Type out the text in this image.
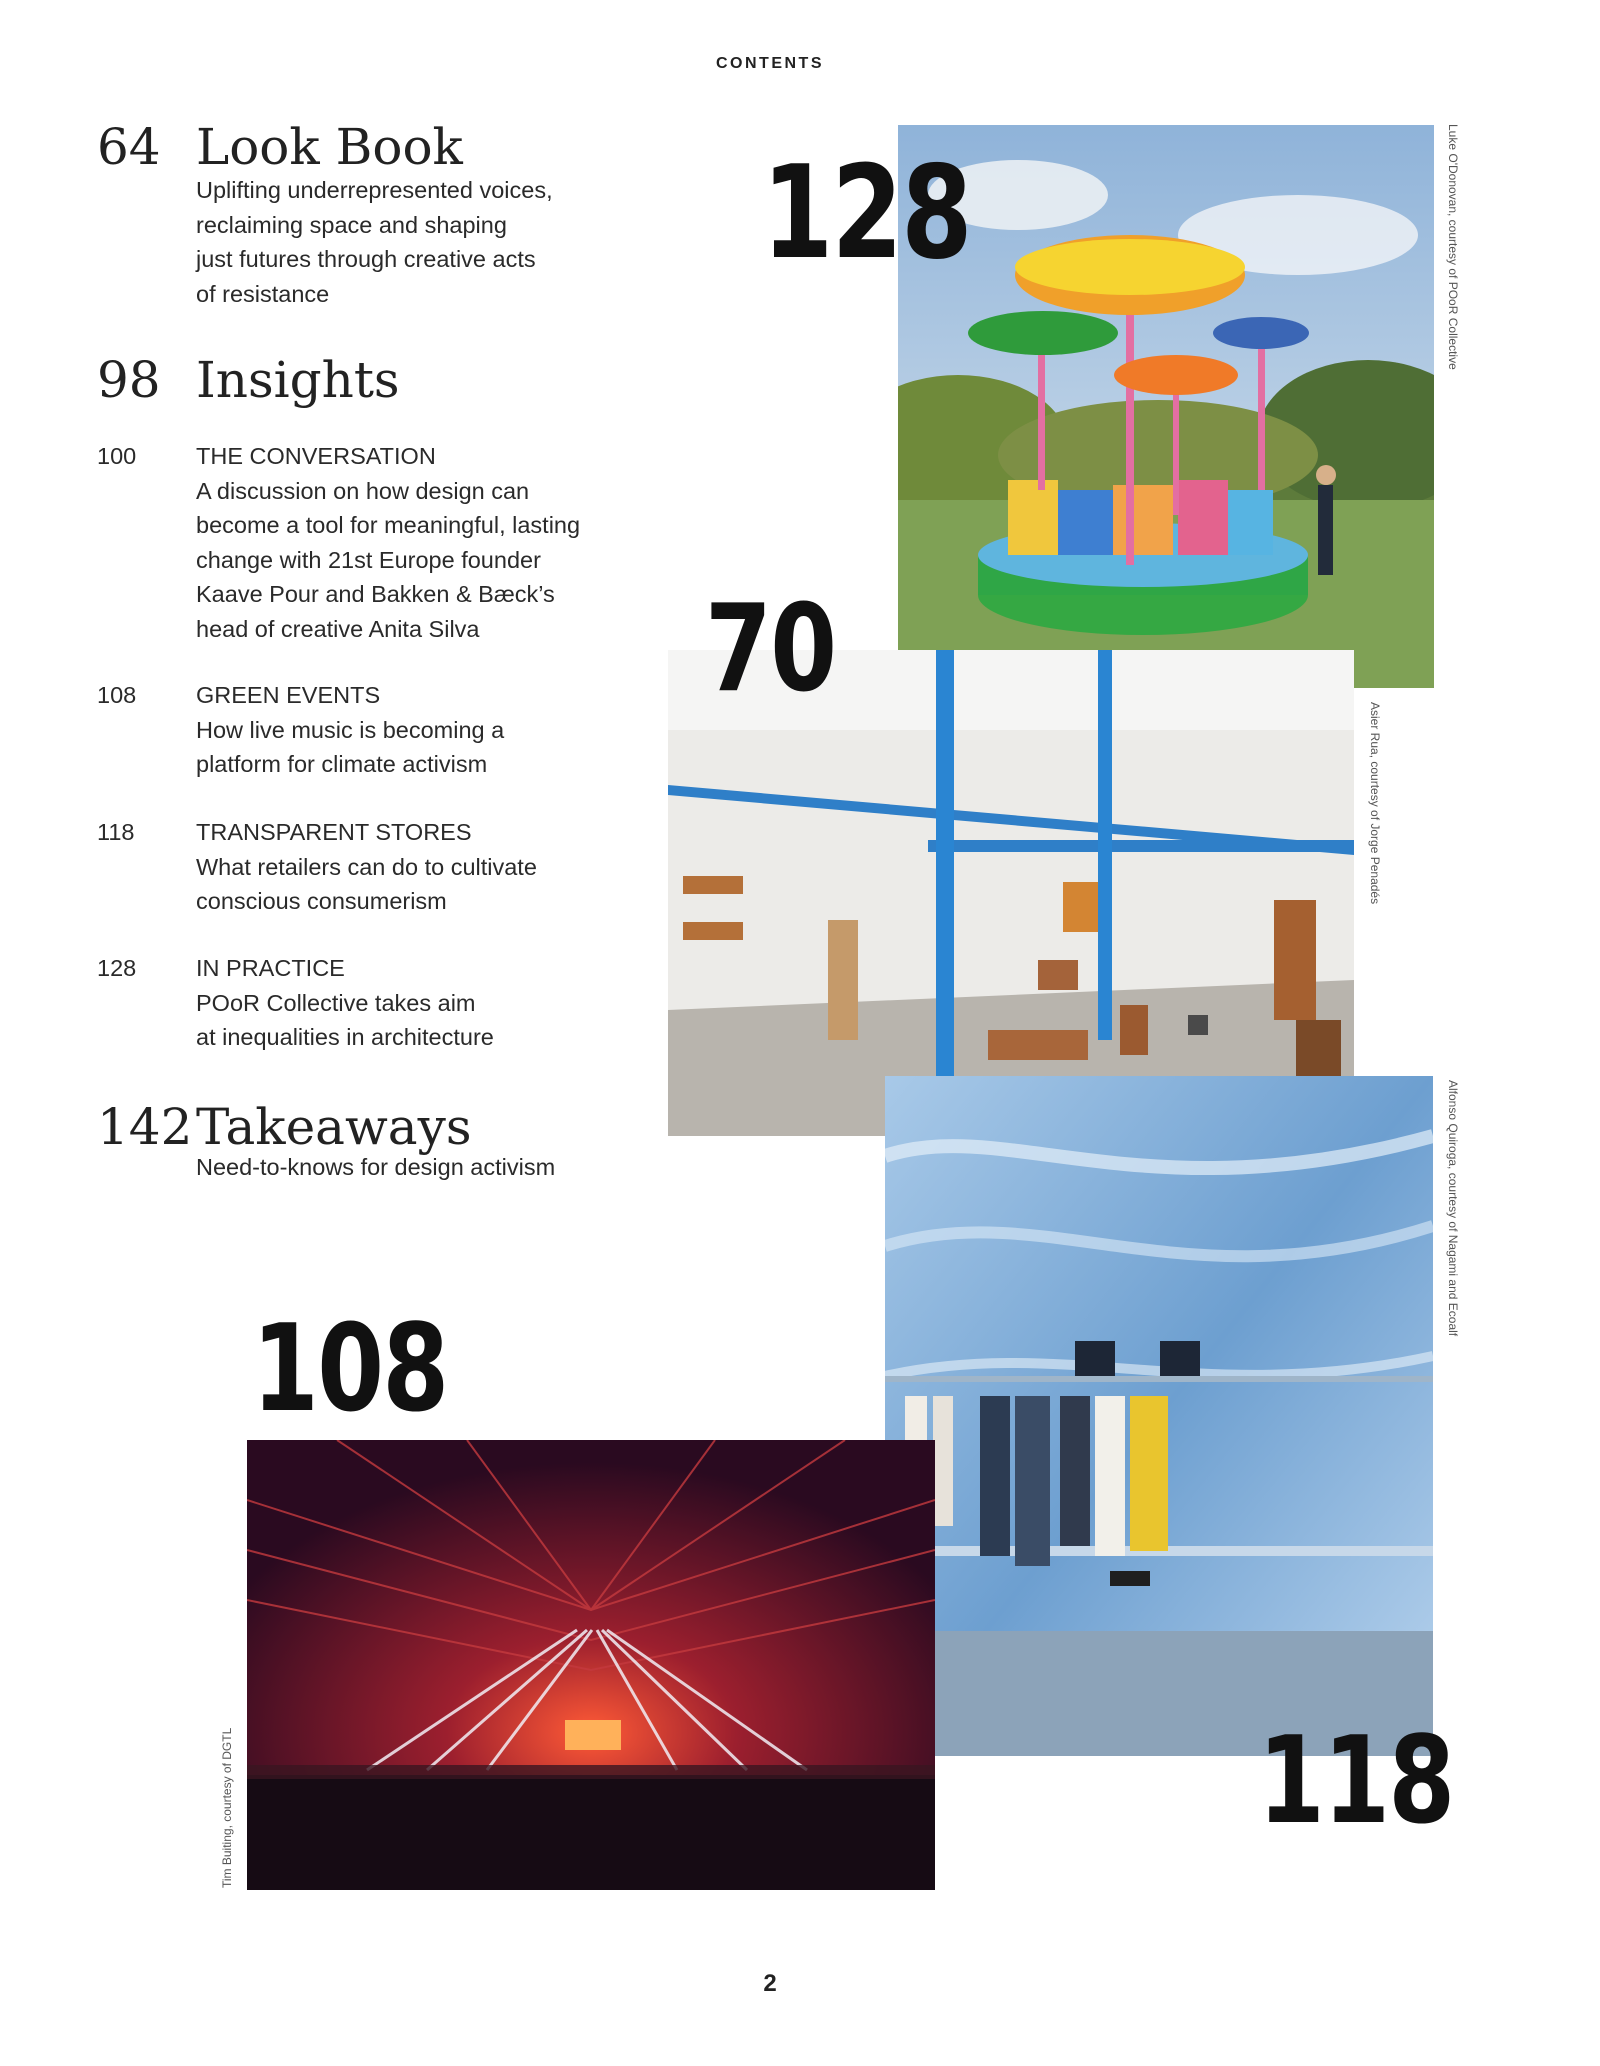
CONTENTS
64 Look Book
Uplifting underrepresented voices,
reclaiming space and shaping
just futures through creative acts
of resistance
98 Insights
100	THE CONVERSATION
A discussion on how design can
become a tool for meaningful, lasting
change with 21st Europe founder
Kaave Pour and Bakken & Bæck’s
head of creative Anita Silva
108	GREEN EVENTS
How live music is becoming a
platform for climate activism
118	TRANSPARENT STORES
What retailers can do to cultivate
conscious consumerism
128	IN PRACTICE
POoR Collective takes aim
at inequalities in architecture
142 Takeaways
Need-to-knows for design activism
128	Luke O'Donovan, courtesy of POoR Collective
70
Asier Rua, courtesy of Jorge Penadés
118
Alfonso Quiroga, courtesy of Nagami and Ecoalf
108
Tim Buiting, courtesy of DGTL
2
